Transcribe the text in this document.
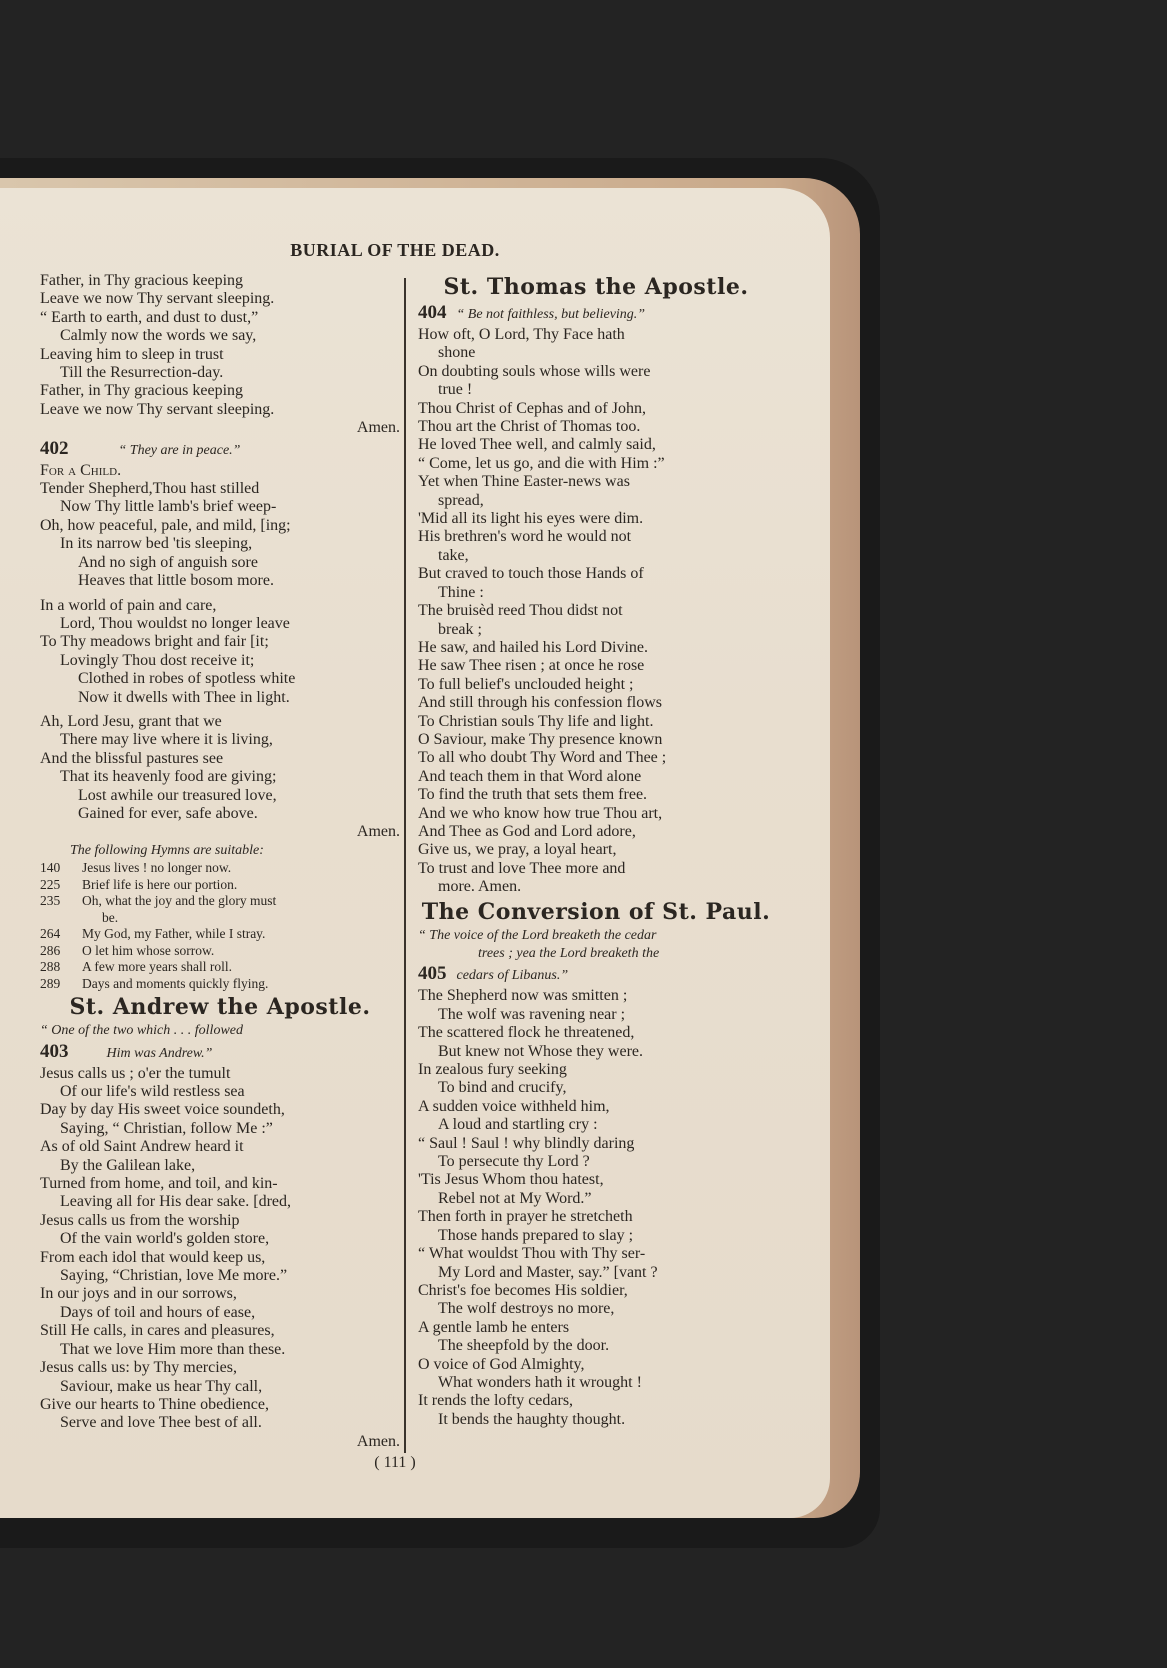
BURIAL OF THE DEAD.
Father, in Thy gracious keeping
Leave we now Thy servant sleeping.
“ Earth to earth, and dust to dust,”
Calmly now the words we say,
Leaving him to sleep in trust
Till the Resurrection-day.
Father, in Thy gracious keeping
Leave we now Thy servant sleeping.
Amen.
402	“ They are in peace.”
For a Child.
Tender Shepherd,Thou hast stilled
Now Thy little lamb's brief weep-
Oh, how peaceful, pale, and mild, [ing;
In its narrow bed 'tis sleeping,
And no sigh of anguish sore
Heaves that little bosom more.
In a world of pain and care,
Lord, Thou wouldst no longer leave
To Thy meadows bright and fair [it;
Lovingly Thou dost receive it;
Clothed in robes of spotless white
Now it dwells with Thee in light.
Ah, Lord Jesu, grant that we
There may live where it is living,
And the blissful pastures see
That its heavenly food are giving;
Lost awhile our treasured love,
Gained for ever, safe above.
Amen.
The following Hymns are suitable:
140 Jesus lives ! no longer now.
225 Brief life is here our portion.
235 Oh, what the joy and the glory must
be.
264 My God, my Father, while I stray.
286 O let him whose sorrow.
288 A few more years shall roll.
289 Days and moments quickly flying.
St. Andrew the Apostle.
“ One of the two which . . . followed
403	Him was Andrew.”
Jesus calls us ; o'er the tumult
Of our life's wild restless sea
Day by day His sweet voice soundeth,
Saying, “ Christian, follow Me :”
As of old Saint Andrew heard it
By the Galilean lake,
Turned from home, and toil, and kin-
Leaving all for His dear sake. [dred,
Jesus calls us from the worship
Of the vain world's golden store,
From each idol that would keep us,
Saying, “Christian, love Me more.”
In our joys and in our sorrows,
Days of toil and hours of ease,
Still He calls, in cares and pleasures,
That we love Him more than these.
Jesus calls us: by Thy mercies,
Saviour, make us hear Thy call,
Give our hearts to Thine obedience,
Serve and love Thee best of all.
Amen.
St. Thomas the Apostle.
404 “ Be not faithless, but believing.”
How oft, O Lord, Thy Face hath
shone
On doubting souls whose wills were
true !
Thou Christ of Cephas and of John,
Thou art the Christ of Thomas too.
He loved Thee well, and calmly said,
“ Come, let us go, and die with Him :”
Yet when Thine Easter-news was
spread,
'Mid all its light his eyes were dim.
His brethren's word he would not
take,
But craved to touch those Hands of
Thine :
The bruisèd reed Thou didst not
break ;
He saw, and hailed his Lord Divine.
He saw Thee risen ; at once he rose
To full belief's unclouded height ;
And still through his confession flows
To Christian souls Thy life and light.
O Saviour, make Thy presence known
To all who doubt Thy Word and Thee ;
And teach them in that Word alone
To find the truth that sets them free.
And we who know how true Thou art,
And Thee as God and Lord adore,
Give us, we pray, a loyal heart,
To trust and love Thee more and
more. Amen.
The Conversion of St. Paul.
“ The voice of the Lord breaketh the cedar
trees ; yea the Lord breaketh the
405 cedars of Libanus.”
The Shepherd now was smitten ;
The wolf was ravening near ;
The scattered flock he threatened,
But knew not Whose they were.
In zealous fury seeking
To bind and crucify,
A sudden voice withheld him,
A loud and startling cry :
“ Saul ! Saul ! why blindly daring
To persecute thy Lord ?
'Tis Jesus Whom thou hatest,
Rebel not at My Word.”
Then forth in prayer he stretcheth
Those hands prepared to slay ;
“ What wouldst Thou with Thy ser-
My Lord and Master, say.” [vant ?
Christ's foe becomes His soldier,
The wolf destroys no more,
A gentle lamb he enters
The sheepfold by the door.
O voice of God Almighty,
What wonders hath it wrought !
It rends the lofty cedars,
It bends the haughty thought.
( 111 )
